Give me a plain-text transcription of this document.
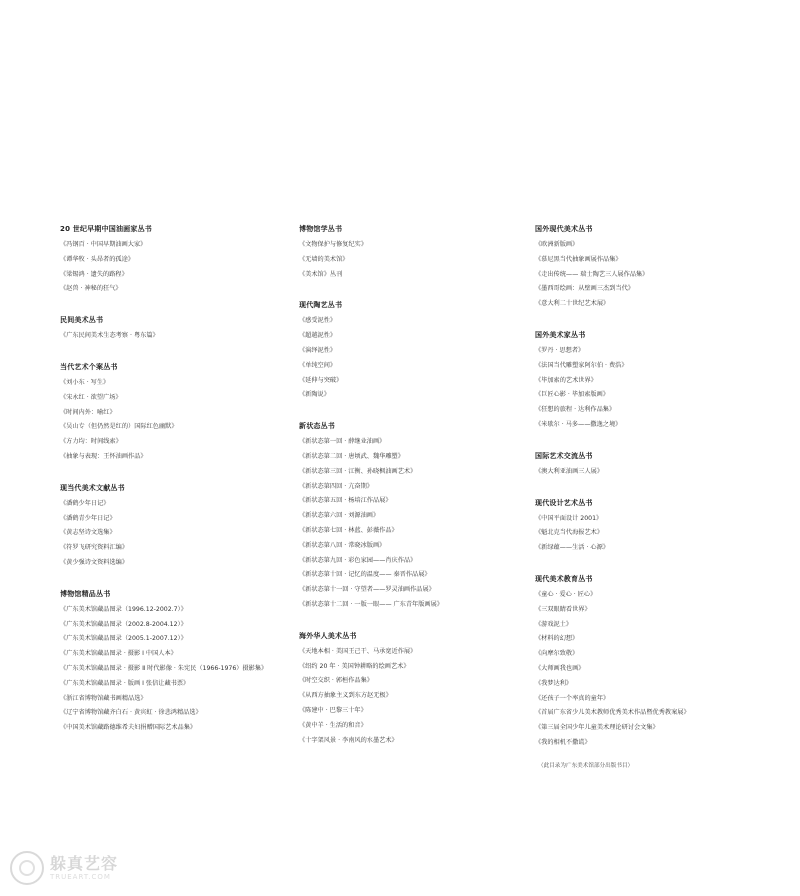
20 世纪早期中国油画家丛书
《冯钢百 · 中国早期油画大家》
《谭华牧 · 头昂者的孤途》
《梁锡鸿 · 遗失的路程》
《赵兽 · 神秘的狂气》
民间美术丛书
《广东民间美术生态考察 · 粤东篇》
当代艺术个案丛书
《刘小东 · 写生》
《宋永红 · 欲望广场》
《时间内外：喻红》
《吴山专（但仍然是红的）国际红色幽默》
《方力均：时间线索》
《抽象与表现：王怀油画作品》
现当代美术文献丛书
《潘鹤少年日记》
《潘鹤青少年日记》
《黄志坚诗文选集》
《符罗飞研究资料汇编》
《黄少强诗文资料选编》
博物馆精品丛书
《广东美术馆藏品图录（1996.12-2002.7）》
《广东美术馆藏品图录（2002.8-2004.12）》
《广东美术馆藏品图录（2005.1-2007.12）》
《广东美术馆藏品图录 · 摄影 I 中国人本》
《广东美术馆藏品图录 · 摄影 Ⅱ 时代影像 · 朱宪民（1966-1976）摄影集》
《广东美术馆藏品图录 · 版画 I 张信让藏书票》
《浙江省博物馆藏书画精品选》
《辽宁省博物馆藏齐白石 · 黄宾虹 · 徐悲鸿精品选》
《中国美术馆藏路德维希夫妇捐赠国际艺术品集》
博物馆学丛书
《文物保护与修复纪实》
《无墙的美术馆》
《美术馆》丛刊
现代陶艺丛书
《感受泥性》
《超越泥性》
《演绎泥性》
《单纯空间》
《延伸与突破》
《新陶说》
新状态丛书
《新状态第一回 · 薛继业油画》
《新状态第二回 · 唐顷武、魏华雕塑》
《新状态第三回 · 江衡、孙晓枫油画艺术》
《新状态第四回 · 亢奋期》
《新状态第五回 · 杨培江作品展》
《新状态第六回 · 刘源油画》
《新状态第七回 · 林蓝、彭薇作品》
《新状态第八回 · 常晓冰版画》
《新状态第九回 · 彩色家园——肖庆作品》
《新状态第十回 · 记忆的温度—— 秦晋作品展》
《新状态第十一回 · 守望者——罗灵油画作品展》
《新状态第十二回 · 一版一眼—— 广东青年版画展》
海外华人美术丛书
《天地本相 · 美国王己干、马承宽近作展》
《绍约 20 年 · 美国钟耕略的绘画艺术》
《时空交织 · 郭桓作品集》
《从西方抽象主义到东方赵无极》
《陈建中 · 巴黎三十年》
《黄中羊 · 生活的和音》
《十字架风景 · 李南风的水墨艺术》
国外现代美术丛书
《欧洲新版画》
《慕尼黑当代抽象画展作品集》
《走出传统—— 瑞士陶艺三人展作品集》
《墨西哥绘画：从壁画三杰到当代》
《意大利二十世纪艺术展》
国外美术家丛书
《罗丹 · 思想者》
《法国当代雕塑家阿尔伯 · 费浩》
《毕加索的艺术世界》
《巨匠心影 · 毕加索版画》
《狂想的旅程 · 达利作品集》
《米歇尔 · 马多——撒逸之境》
国际艺术交流丛书
《澳大利亚油画三人展》
现代设计艺术丛书
《中国平面设计 2001》
《魁北克当代海报艺术》
《新绿蕴——生活 · 心源》
现代美术教育丛书
《童心 · 爱心 · 匠心》
《三双眼睛看世界》
《游戏泥土》
《材料的幻想》
《向摩尔致敬》
《大师画我也画》
《我梦达利》
《还孩子一个率真的童年》
《首届广东省少儿美术教师优秀美术作品暨优秀教案展》
《第三届全国少年儿童美术理论研讨会文集》
《我的相机不撒谎》
（此目录为广东美术馆部分出版书目）
躲真艺容
TRUEART.COM
